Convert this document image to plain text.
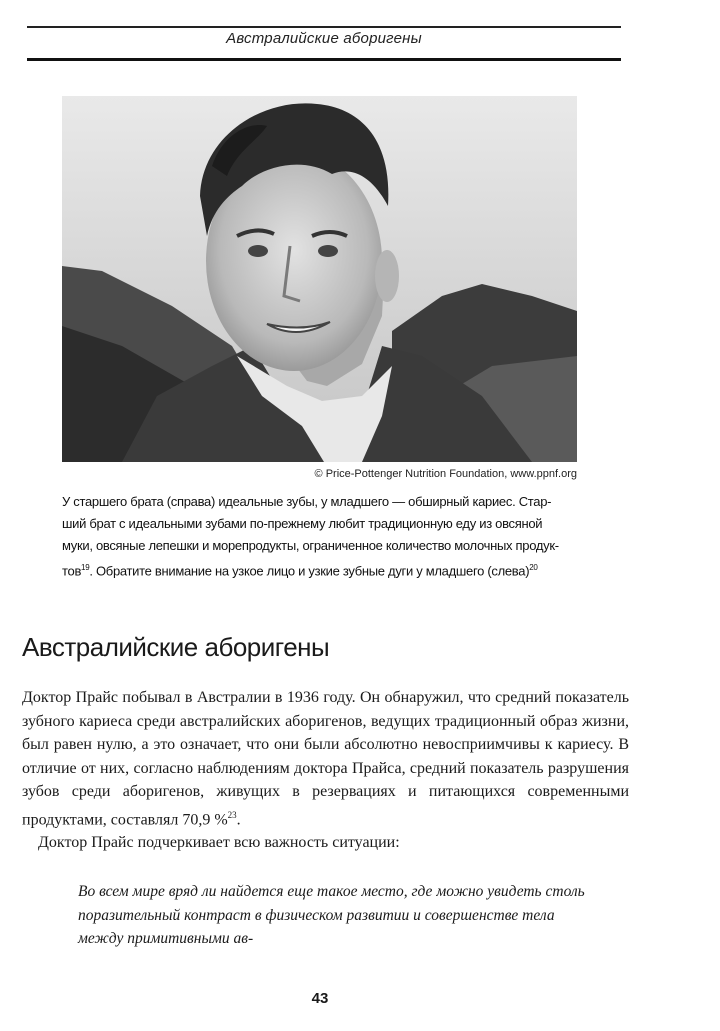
Австралийские аборигены
© Price-Pottenger Nutrition Foundation, www.ppnf.org
У старшего брата (справа) идеальные зубы, у младшего — обширный кариес. Стар-
ший брат с идеальными зубами по-прежнему любит традиционную еду из овсяной
муки, овсяные лепешки и морепродукты, ограниченное количество молочных продук-
тов$^{19}$. Обратите внимание на узкое лицо и узкие зубные дуги у младшего (слева)$^{20}$
Австралийские аборигены

Доктор Прайс побывал в Австралии в 1936 году. Он обнаружил, что средний показатель зубного кариеса среди австралийских аборигенов, ведущих традиционный образ жизни, был равен нулю, а это означает, что они были абсолютно невосприимчивы к кариесу. В отличие от них, согласно наблюдениям доктора Прайса, средний показатель разрушения зубов среди аборигенов, живущих в резервациях и питающихся современными продуктами, составлял 70,9 %$^{23}$.

Доктор Прайс подчеркивает всю важность ситуации:

Во всем мире вряд ли найдется еще такое место, где можно увидеть столь поразительный контраст в физическом развитии и совершенстве тела между примитивными ав-

43
